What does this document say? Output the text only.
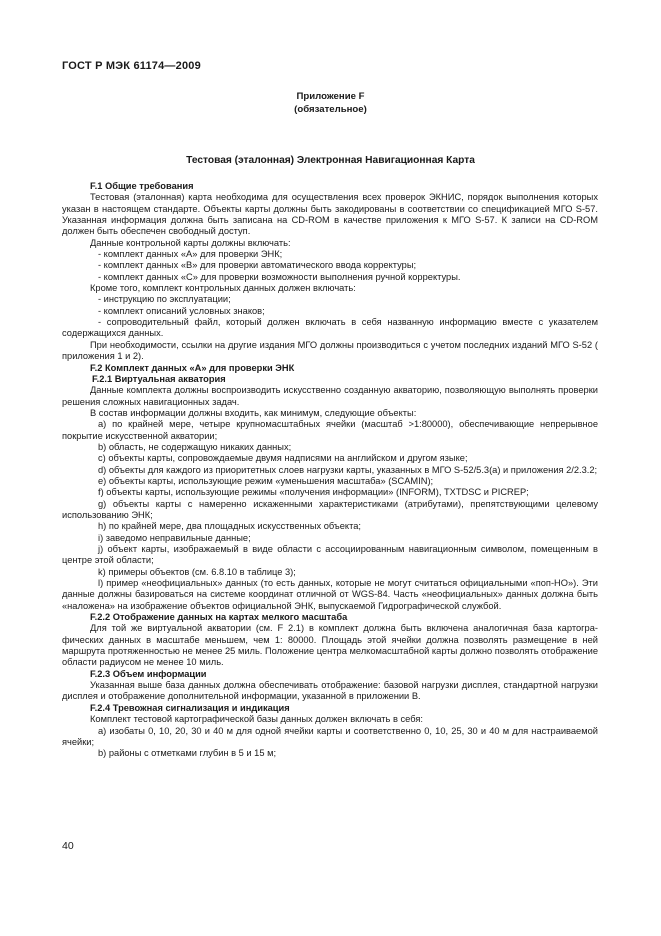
ГОСТ Р МЭК 61174—2009
Приложение F
(обязательное)
Тестовая (эталонная) Электронная Навигационная Карта

F.1 Общие требования

Тестовая (эталонная) карта необходима для осуществления всех проверок ЭКНИС, порядок выполнения которых указан в настоящем стандарте. Объекты карты должны быть закодированы в соответствии со спецификацией МГО S-57. Указанная информация должна быть записана на CD-ROM в качестве приложения к МГО S-57. К записи на CD-ROM должен быть обеспечен свободный доступ.

Данные контрольной карты должны включать:

- комплект данных «А» для проверки ЭНК;

- комплект данных «В» для проверки автоматического ввода корректуры;

- комплект данных «С» для проверки возможности выполнения ручной корректуры.

Кроме того, комплект контрольных данных должен включать:

- инструкцию по эксплуатации;

- комплект описаний условных знаков;

- сопроводительный файл, который должен включать в себя названную информацию вместе с указателем содержащихся данных.

При необходимости, ссылки на другие издания МГО должны производиться с учетом последних изданий МГО S-52 ( приложения 1 и 2).

F.2 Комплект данных «А» для проверки ЭНК

F.2.1 Виртуальная акватория

Данные комплекта должны воспроизводить искусственно созданную акваторию, позволяющую выполнять проверки решения сложных навигационных задач.

В состав информации должны входить, как минимум, следующие объекты:

а) по крайней мере, четыре крупномасштабных ячейки (масштаб >1:80000), обеспечивающие непрерывное покрытие искусственной акватории;

b) область, не содержащую никаких данных;

с) объекты карты, сопровождаемые двумя надписями на английском и другом языке;

d) объекты для каждого из приоритетных слоев нагрузки карты, указанных в МГО S-52/5.3(a) и приложения 2/2.3.2;

е) объекты карты, использующие режим «уменьшения масштаба» (SCAMIN);

f) объекты карты, использующие режимы «получения информации» (INFORM), TXTDSC и PICREP;

g) объекты карты с намеренно искаженными характеристиками (атрибутами), препятствующими целевому использованию ЭНК;

h) по крайней мере, два площадных искусственных объекта;

i) заведомо неправильные данные;

j) объект карты, изображаемый в виде области с ассоциированным навигационным символом, помещенным в центре этой области;

k) примеры объектов (см. 6.8.10 в таблице 3);

l) пример «неофициальных» данных (то есть данных, которые не могут считаться официальными «поп-НО»). Эти данные должны базироваться на системе координат отличной от WGS-84. Часть «неофициальных» данных должна быть «наложена» на изображение объектов официальной ЭНК, выпускаемой Гидрографической службой.

F.2.2 Отображение данных на картах мелкого масштаба

Для той же виртуальной акватории (см. F 2.1) в комплект должна быть включена аналогичная база картографических данных в масштабе меньшем, чем 1: 80000. Площадь этой ячейки должна позволять размещение в ней маршрута протяженностью не менее 25 миль. Положение центра мелкомасштабной карты должно позволять отображение области радиусом не менее 10 миль.

F.2.3 Объем информации

Указанная выше база данных должна обеспечивать отображение: базовой нагрузки дисплея, стандартной нагрузки дисплея и отображение дополнительной информации, указанной в приложении В.

F.2.4 Тревожная сигнализация и индикация

Комплект тестовой картографической базы данных должен включать в себя:

а) изобаты 0, 10, 20, 30 и 40 м для одной ячейки карты и соответственно 0, 10, 25, 30 и 40 м для настраиваемой ячейки;

b) районы с отметками глубин в 5 и 15 м;

40
